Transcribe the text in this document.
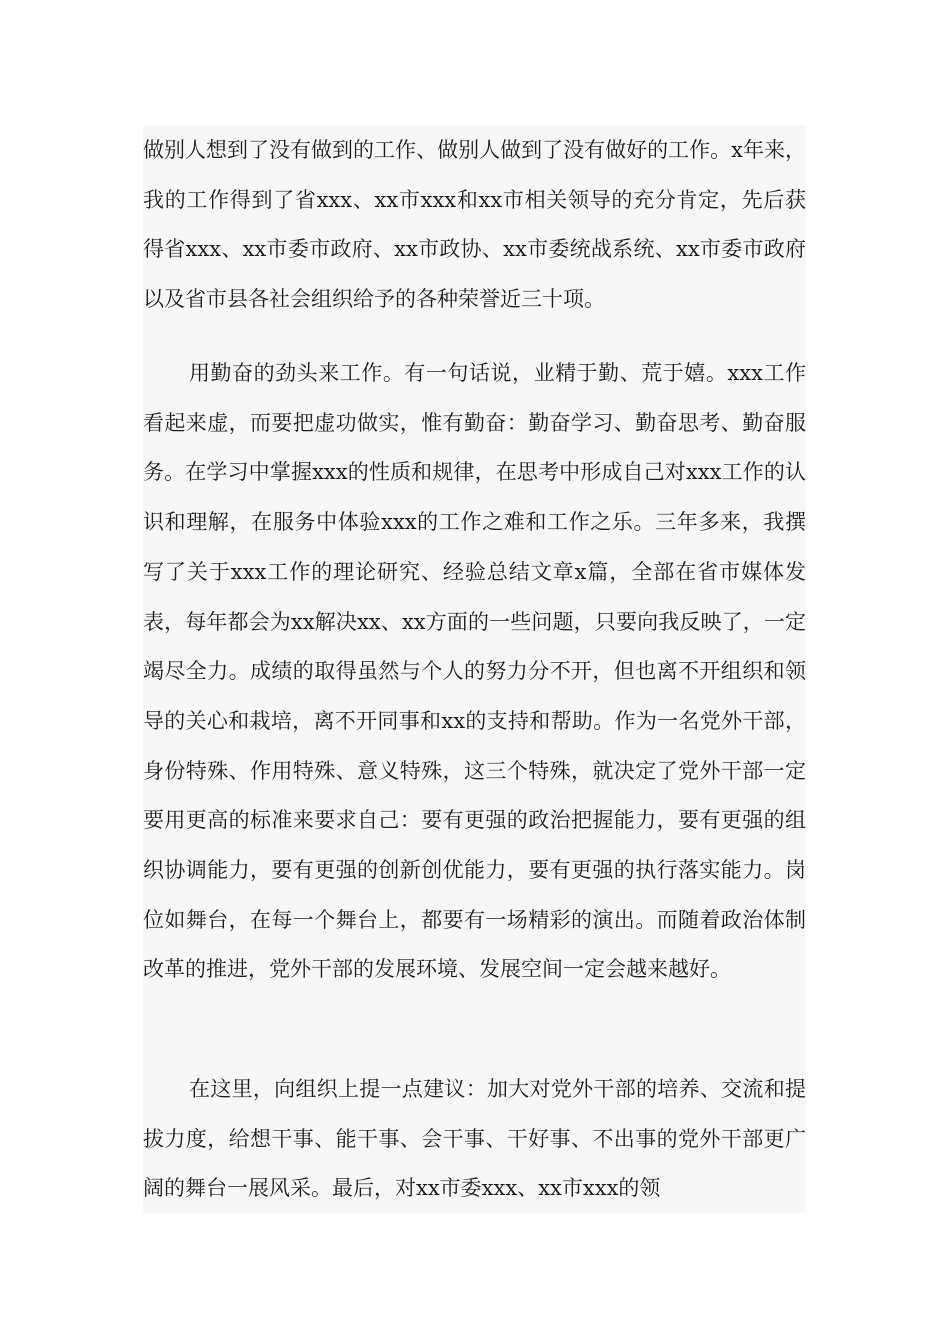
做别人想到了没有做到的工作、做别人做到了没有做好的工作。x年来，我的工作得到了省xxx、xx市xxx和xx市相关领导的充分肯定，先后获得省xxx、xx市委市政府、xx市政协、xx市委统战系统、xx市委市政府以及省市县各社会组织给予的各种荣誉近三十项。

用勤奋的劲头来工作。有一句话说，业精于勤、荒于嬉。xxx工作看起来虚，而要把虚功做实，惟有勤奋：勤奋学习、勤奋思考、勤奋服务。在学习中掌握xxx的性质和规律，在思考中形成自己对xxx工作的认识和理解，在服务中体验xxx的工作之难和工作之乐。三年多来，我撰写了关于xxx工作的理论研究、经验总结文章x篇，全部在省市媒体发表，每年都会为xx解决xx、xx方面的一些问题，只要向我反映了，一定竭尽全力。成绩的取得虽然与个人的努力分不开，但也离不开组织和领导的关心和栽培，离不开同事和xx的支持和帮助。作为一名党外干部，身份特殊、作用特殊、意义特殊，这三个特殊，就决定了党外干部一定要用更高的标准来要求自己：要有更强的政治把握能力，要有更强的组织协调能力，要有更强的创新创优能力，要有更强的执行落实能力。岗位如舞台，在每一个舞台上，都要有一场精彩的演出。而随着政治体制改革的推进，党外干部的发展环境、发展空间一定会越来越好。

在这里，向组织上提一点建议：加大对党外干部的培养、交流和提拔力度，给想干事、能干事、会干事、干好事、不出事的党外干部更广阔的舞台一展风采。最后，对xx市委xxx、xx市xxx的领
